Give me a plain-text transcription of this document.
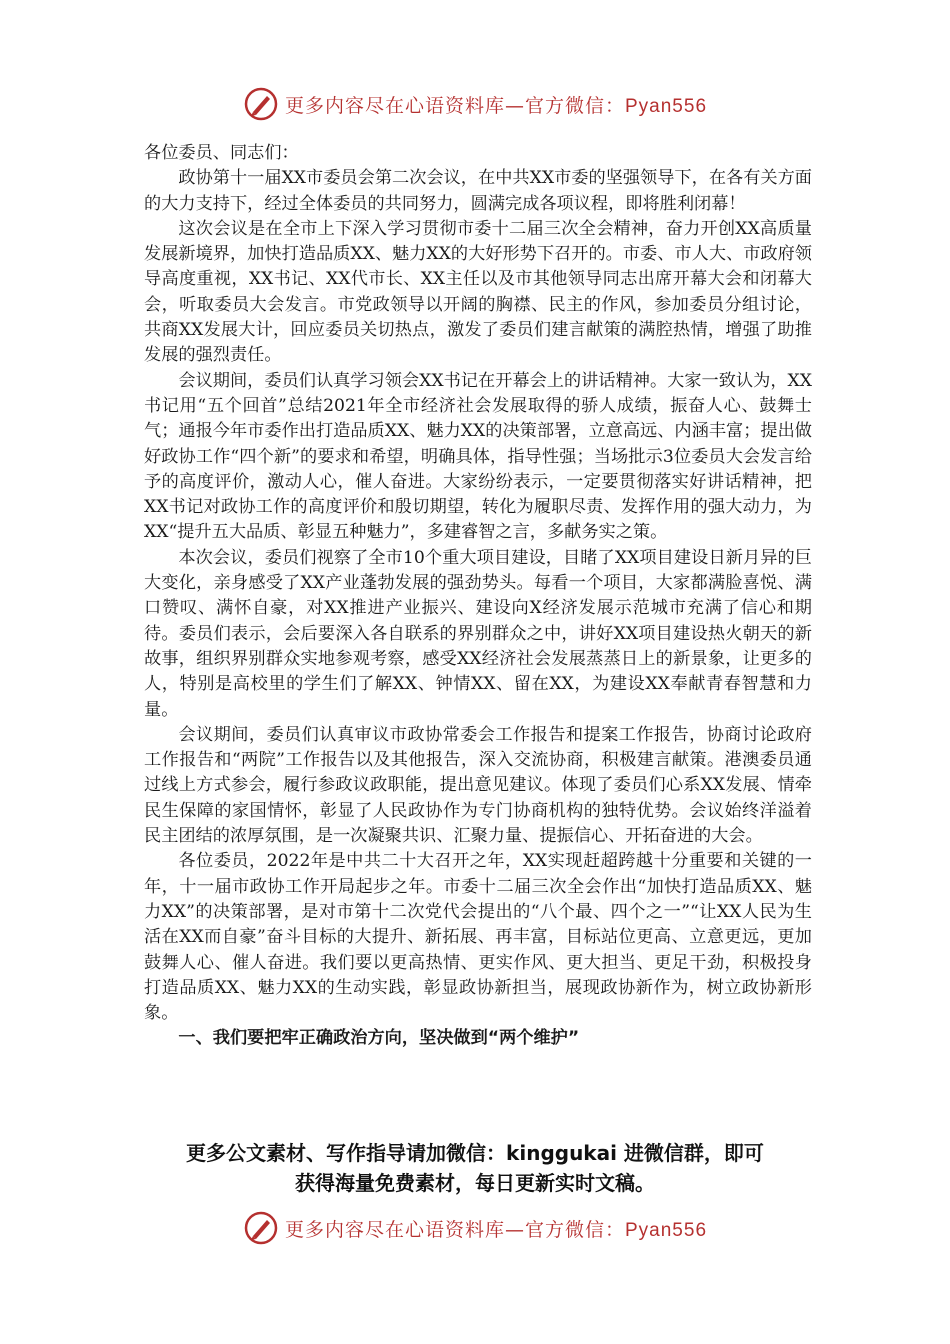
更多内容尽在心语资料库—官方微信：Pyan556

各位委员、同志们：

政协第十一届XX市委员会第二次会议，在中共XX市委的坚强领导下，在各有关方面的大力支持下，经过全体委员的共同努力，圆满完成各项议程，即将胜利闭幕！

这次会议是在全市上下深入学习贯彻市委十二届三次全会精神，奋力开创XX高质量发展新境界，加快打造品质XX、魅力XX的大好形势下召开的。市委、市人大、市政府领导高度重视，XX书记、XX代市长、XX主任以及市其他领导同志出席开幕大会和闭幕大会，听取委员大会发言。市党政领导以开阔的胸襟、民主的作风，参加委员分组讨论，共商XX发展大计，回应委员关切热点，激发了委员们建言献策的满腔热情，增强了助推发展的强烈责任。

会议期间，委员们认真学习领会XX书记在开幕会上的讲话精神。大家一致认为，XX书记用“五个回首”总结2021年全市经济社会发展取得的骄人成绩，振奋人心、鼓舞士气；通报今年市委作出打造品质XX、魅力XX的决策部署，立意高远、内涵丰富；提出做好政协工作“四个新”的要求和希望，明确具体，指导性强；当场批示3位委员大会发言给予的高度评价，激动人心，催人奋进。大家纷纷表示，一定要贯彻落实好讲话精神，把XX书记对政协工作的高度评价和殷切期望，转化为履职尽责、发挥作用的强大动力，为XX“提升五大品质、彰显五种魅力”，多建睿智之言，多献务实之策。

本次会议，委员们视察了全市10个重大项目建设，目睹了XX项目建设日新月异的巨大变化，亲身感受了XX产业蓬勃发展的强劲势头。每看一个项目，大家都满脸喜悦、满口赞叹、满怀自豪，对XX推进产业振兴、建设向X经济发展示范城市充满了信心和期待。委员们表示，会后要深入各自联系的界别群众之中，讲好XX项目建设热火朝天的新故事，组织界别群众实地参观考察，感受XX经济社会发展蒸蒸日上的新景象，让更多的人，特别是高校里的学生们了解XX、钟情XX、留在XX，为建设XX奉献青春智慧和力量。

会议期间，委员们认真审议市政协常委会工作报告和提案工作报告，协商讨论政府工作报告和“两院”工作报告以及其他报告，深入交流协商，积极建言献策。港澳委员通过线上方式参会，履行参政议政职能，提出意见建议。体现了委员们心系XX发展、情牵民生保障的家国情怀，彰显了人民政协作为专门协商机构的独特优势。会议始终洋溢着民主团结的浓厚氛围，是一次凝聚共识、汇聚力量、提振信心、开拓奋进的大会。

各位委员，2022年是中共二十大召开之年，XX实现赶超跨越十分重要和关键的一年，十一届市政协工作开局起步之年。市委十二届三次全会作出“加快打造品质XX、魅力XX”的决策部署，是对市第十二次党代会提出的“八个最、四个之一”“让XX人民为生活在XX而自豪”奋斗目标的大提升、新拓展、再丰富，目标站位更高、立意更远，更加鼓舞人心、催人奋进。我们要以更高热情、更实作风、更大担当、更足干劲，积极投身打造品质XX、魅力XX的生动实践，彰显政协新担当，展现政协新作为，树立政协新形象。

一、我们要把牢正确政治方向，坚决做到“两个维护”

更多公文素材、写作指导请加微信：kinggukai 进微信群，即可
获得海量免费素材，每日更新实时文稿。
更多内容尽在心语资料库—官方微信：Pyan556
